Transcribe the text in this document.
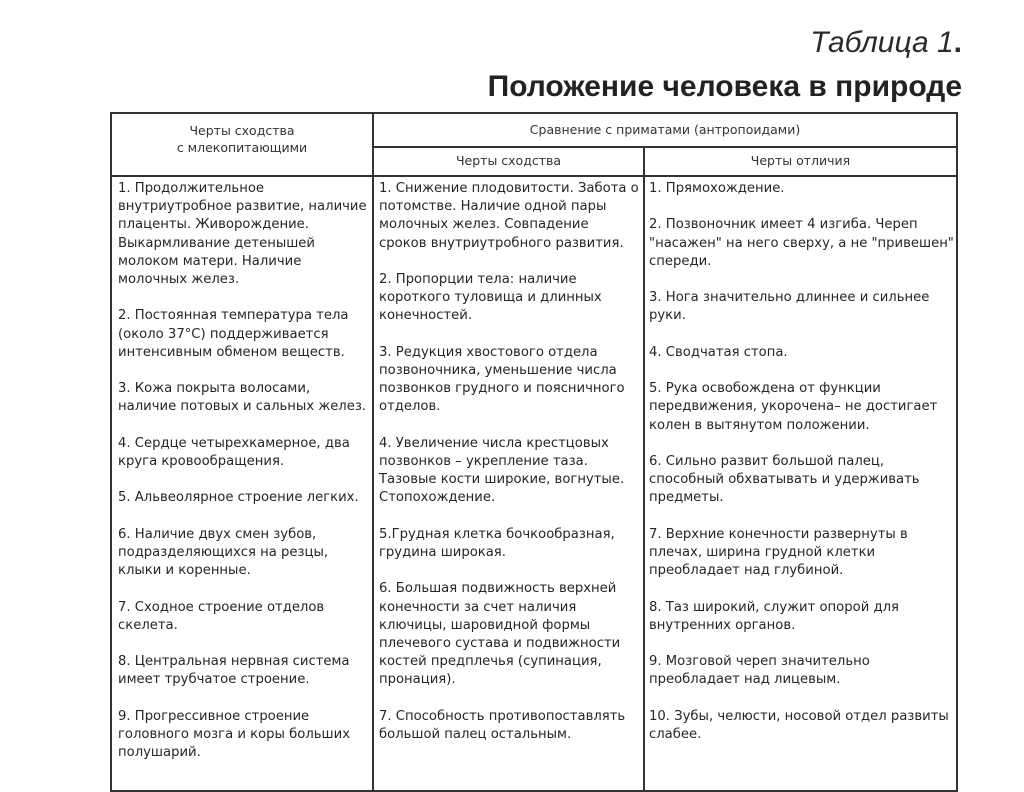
Таблица 1.
Положение человека в природе
Черты сходства
с млекопитающими
Сравнение с приматами (антропоидами)
Черты сходства	Черты отличия
1. Продолжительное
внутриутробное развитие, наличие
плаценты. Живорождение.
Выкармливание детенышей
молоком матери. Наличие
молочных желез.
2. Постоянная температура тела
(около 37°С) поддерживается
интенсивным обменом веществ.
3. Кожа покрыта волосами,
наличие потовых и сальных желез.
4. Сердце четырехкамерное, два
круга кровообращения.
5. Альвеолярное строение легких.
6. Наличие двух смен зубов,
подразделяющихся на резцы,
клыки и коренные.
7. Сходное строение отделов
скелета.
8. Центральная нервная система
имеет трубчатое строение.
9. Прогрессивное строение
головного мозга и коры больших
полушарий.
1. Снижение плодовитости. Забота о
потомстве. Наличие одной пары
молочных желез. Совпадение
сроков внутриутробного развития.
2. Пропорции тела: наличие
короткого туловища и длинных
конечностей.
3. Редукция хвостового отдела
позвоночника, уменьшение числа
позвонков грудного и поясничного
отделов.
4. Увеличение числа крестцовых
позвонков – укрепление таза.
Тазовые кости широкие, вогнутые.
Стопохождение.
5.Грудная клетка бочкообразная,
грудина широкая.
6. Большая подвижность верхней
конечности за счет наличия
ключицы, шаровидной формы
плечевого сустава и подвижности
костей предплечья (супинация,
пронация).
7. Способность противопоставлять
большой палец остальным.
1. Прямохождение.
2. Позвоночник имеет 4 изгиба. Череп
"насажен" на него сверху, а не "привешен"
спереди.
3. Нога значительно длиннее и сильнее
руки.
4. Сводчатая стопа.
5. Рука освобождена от функции
передвижения, укорочена– не достигает
колен в вытянутом положении.
6. Сильно развит большой палец,
способный обхватывать и удерживать
предметы.
7. Верхние конечности развернуты в
плечах, ширина грудной клетки
преобладает над глубиной.
8. Таз широкий, служит опорой для
внутренних органов.
9. Мозговой череп значительно
преобладает над лицевым.
10. Зубы, челюсти, носовой отдел развиты
слабее.
